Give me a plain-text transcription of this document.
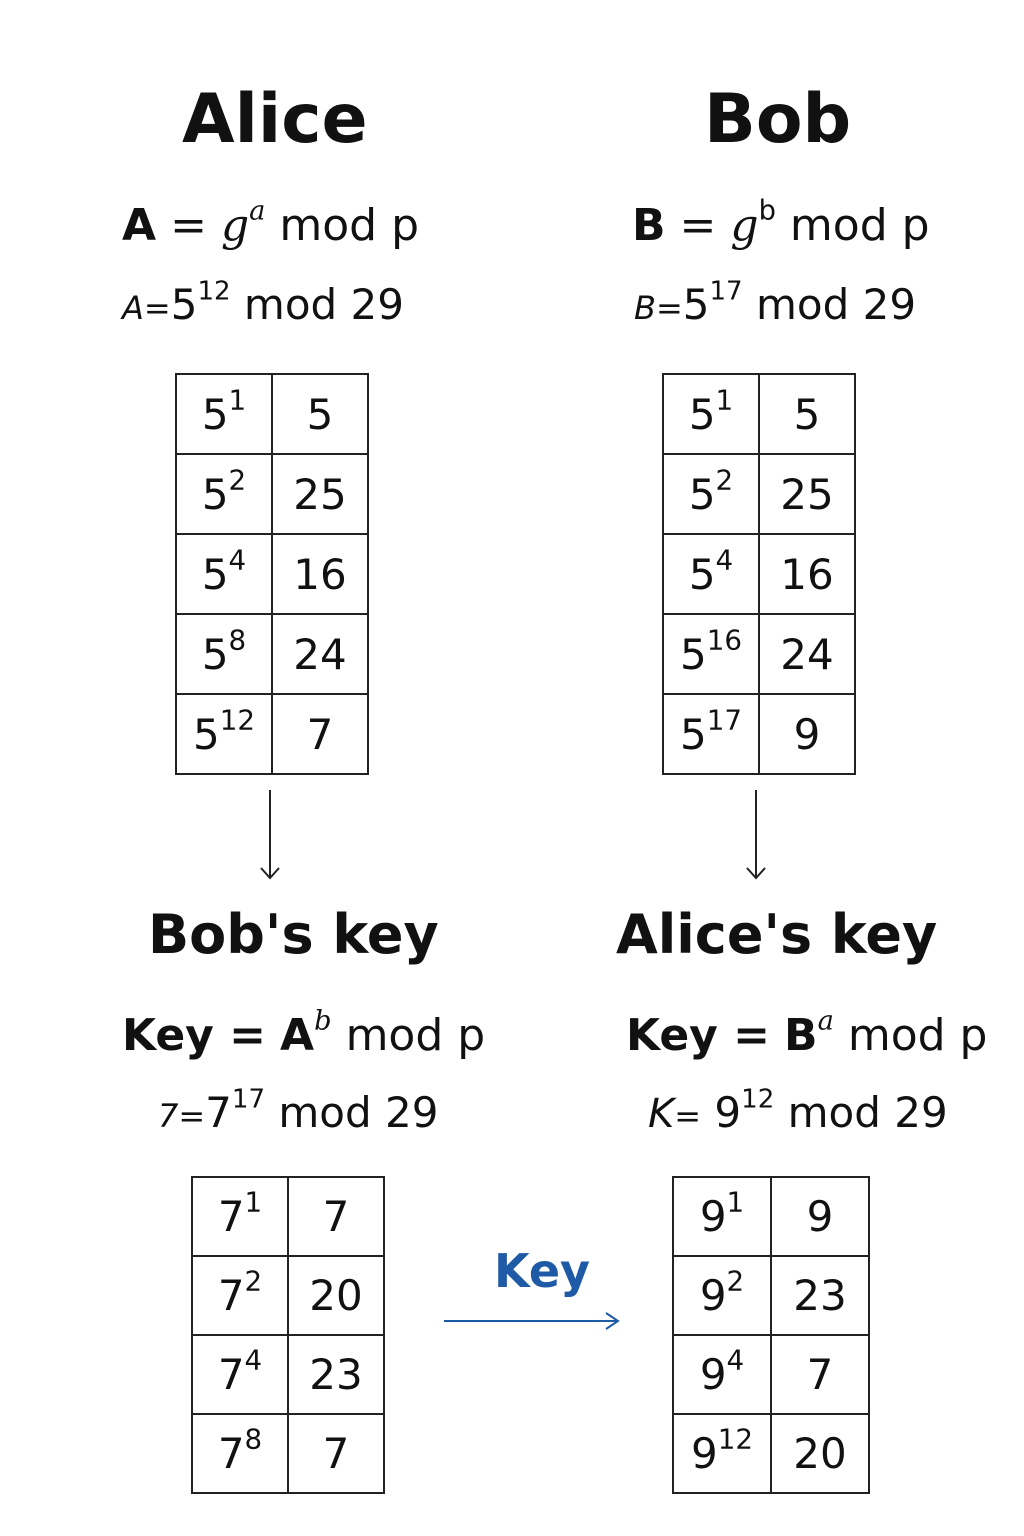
Alice
$A = g^a$ mod p
$A=5^{12}$ mod 29
$5^1$	5
$5^2$	25
$5^4$	16
$5^8$	24
$5^{12}$	7
Bob's key
Key = $A^b$ mod p
$7=7^{17}$ mod 29
$7^1$	7
$7^2$	20
$7^4$	23
$7^8$	7
Bob
$B = g^b$ mod p
$B=5^{17}$ mod 29
$5^1$	5
$5^2$	25
$5^4$	16
$5^{16}$	24
$5^{17}$	9
Alice's key
Key = $B^a$ mod p
$K= 9^{12}$ mod 29
$9^1$	9
$9^2$	23
$9^4$	7
$9^{12}$	20
Key
